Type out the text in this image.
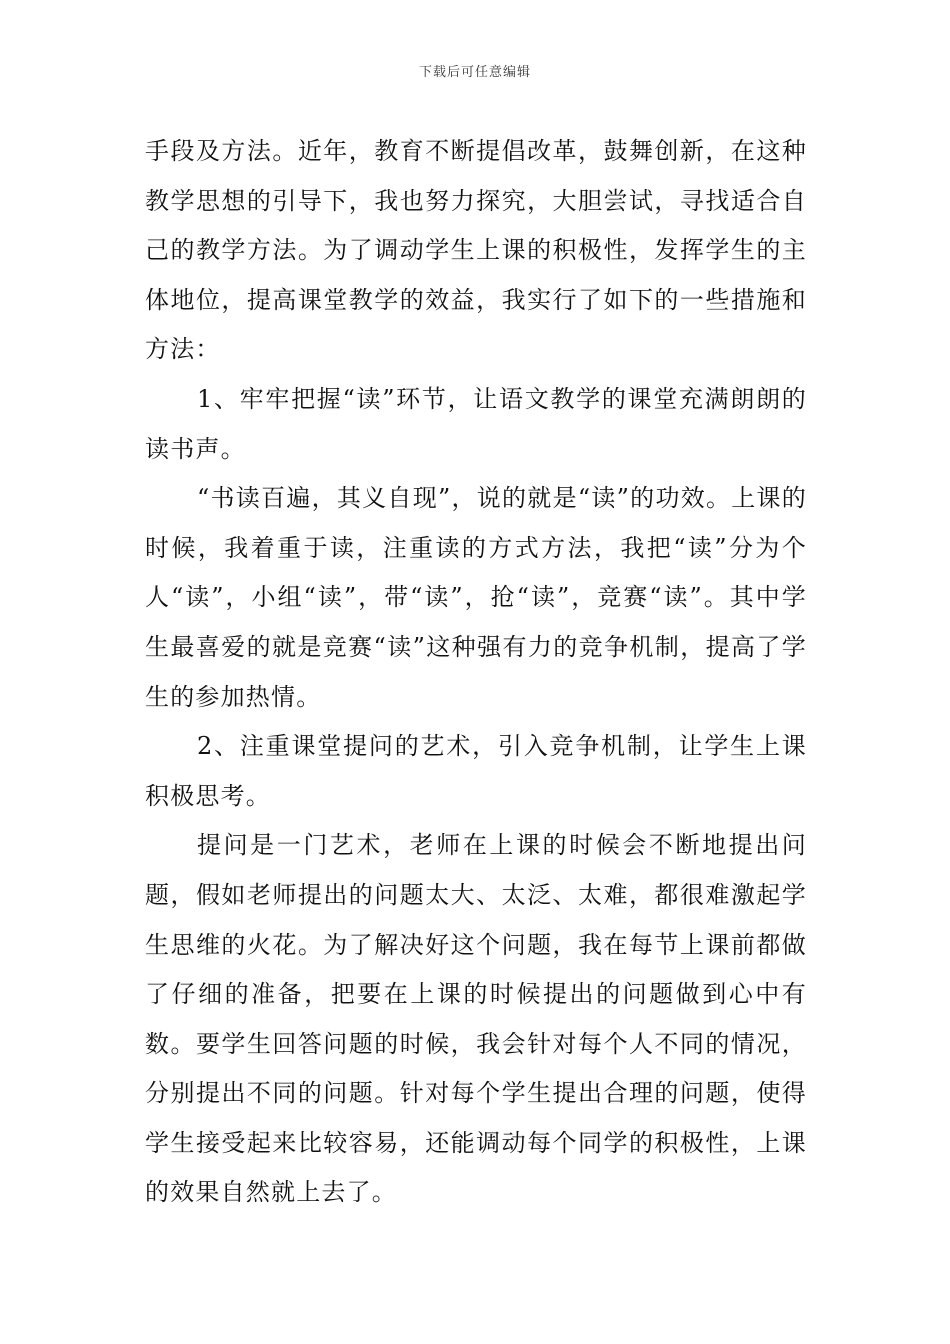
下载后可任意编辑

手段及方法。近年，教育不断提倡改革，鼓舞创新，在这种教学思想的引导下，我也努力探究，大胆尝试，寻找适合自己的教学方法。为了调动学生上课的积极性，发挥学生的主体地位，提高课堂教学的效益，我实行了如下的一些措施和方法：

1、牢牢把握“读”环节，让语文教学的课堂充满朗朗的读书声。

“书读百遍，其义自现”，说的就是“读”的功效。上课的时候，我着重于读，注重读的方式方法，我把“读”分为个人“读”，小组“读”，带“读”，抢“读”，竞赛“读”。其中学生最喜爱的就是竞赛“读”这种强有力的竞争机制，提高了学生的参加热情。

2、注重课堂提问的艺术，引入竞争机制，让学生上课积极思考。

提问是一门艺术，老师在上课的时候会不断地提出问题，假如老师提出的问题太大、太泛、太难，都很难激起学生思维的火花。为了解决好这个问题，我在每节上课前都做了仔细的准备，把要在上课的时候提出的问题做到心中有数。要学生回答问题的时候，我会针对每个人不同的情况，分别提出不同的问题。针对每个学生提出合理的问题，使得学生接受起来比较容易，还能调动每个同学的积极性，上课的效果自然就上去了。
